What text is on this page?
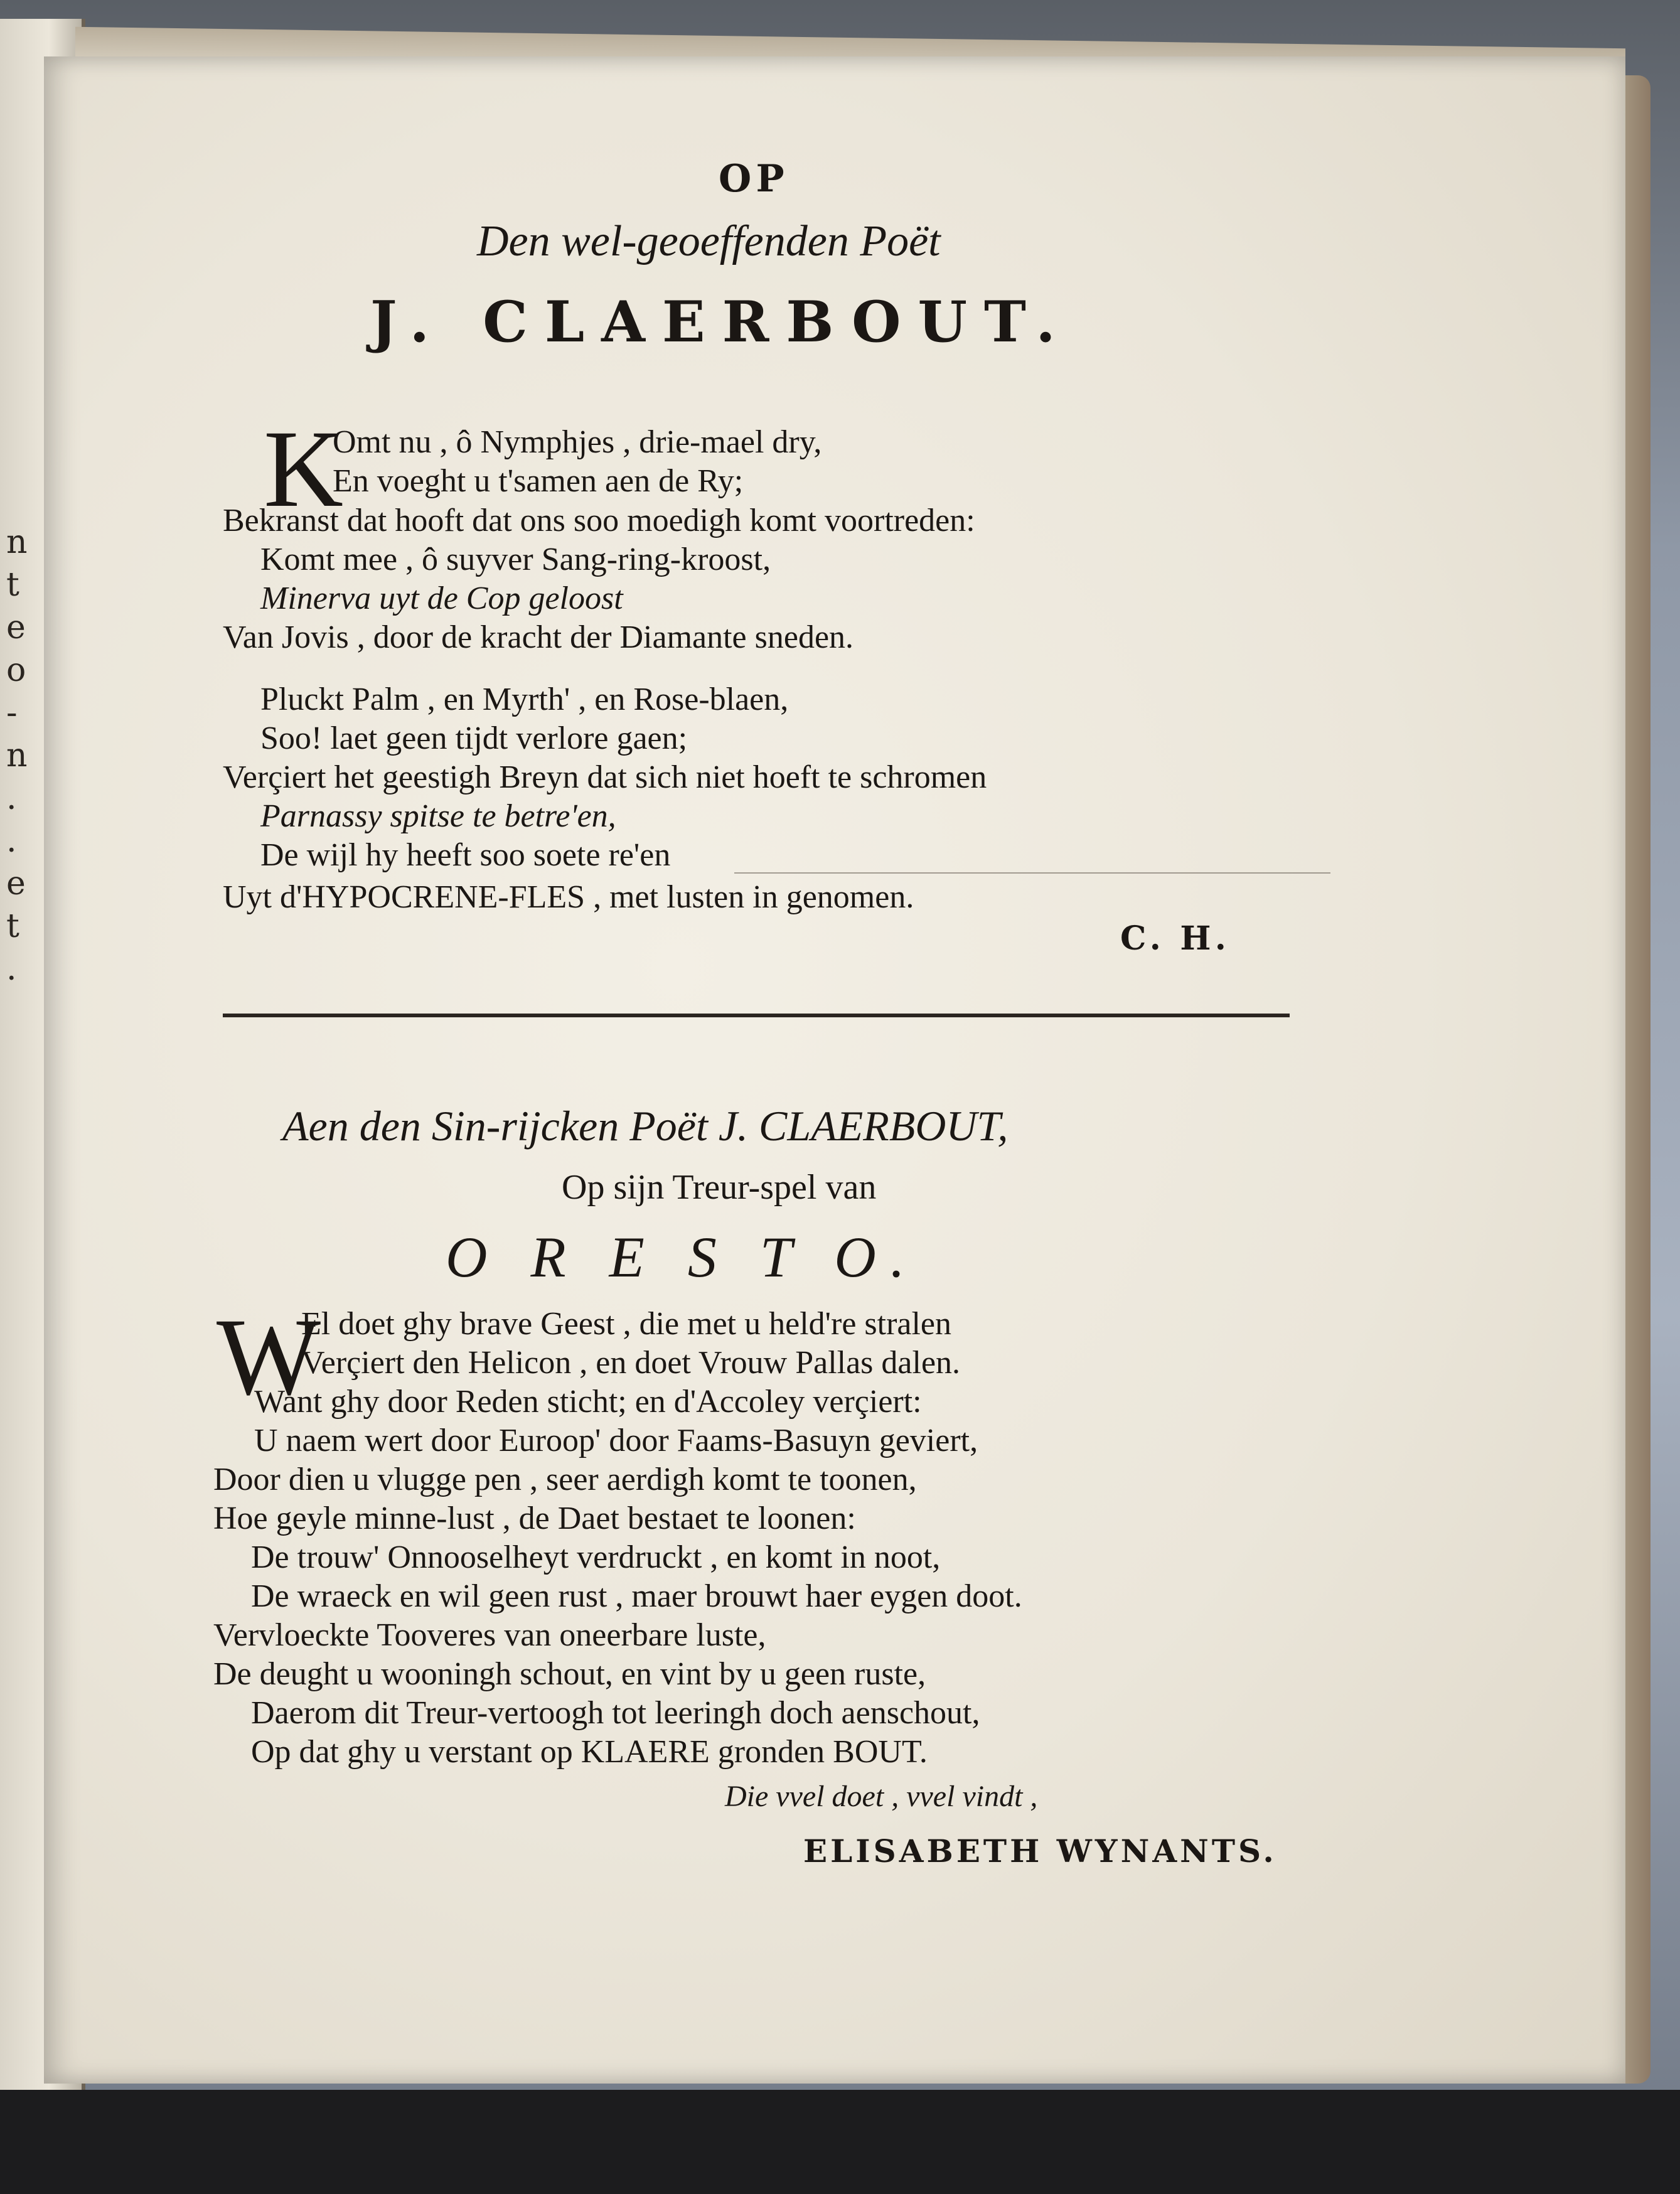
n
t
e
o
-
n
.
.
e
t
.
OP
Den wel-geoeffenden Poët
J. CLAERBOUT.
K
Omt nu , ô Nymphjes , drie-mael dry,
En voeght u t'samen aen de Ry;
Bekranst dat hooft dat ons soo moedigh komt voortreden:
Komt mee , ô suyver Sang-ring-kroost,
Minerva uyt de Cop geloost
Van Jovis , door de kracht der Diamante sneden.
Pluckt Palm , en Myrth' , en Rose-blaen,
Soo! laet geen tijdt verlore gaen;
Verçiert het geestigh Breyn dat sich niet hoeft te schromen
Parnassy spitse te betre'en,
De wijl hy heeft soo soete re'en
Uyt d'HYPOCRENE-FLES , met lusten in genomen.
C. H.
Aen den Sin-rijcken Poët J. CLAERBOUT,
Op sijn Treur-spel van
O R E S T O.
W
El doet ghy brave Geest , die met u held're stralen
Verçiert den Helicon , en doet Vrouw Pallas dalen.
Want ghy door Reden sticht; en d'Accoley verçiert:
U naem wert door Euroop' door Faams-Basuyn geviert,
Door dien u vlugge pen , seer aerdigh komt te toonen,
Hoe geyle minne-lust , de Daet bestaet te loonen:
De trouw' Onnooselheyt verdruckt , en komt in noot,
De wraeck en wil geen rust , maer brouwt haer eygen doot.
Vervloeckte Tooveres van oneerbare luste,
De deught u wooningh schout, en vint by u geen ruste,
Daerom dit Treur-vertoogh tot leeringh doch aenschout,
Op dat ghy u verstant op KLAERE gronden BOUT.
Die vvel doet , vvel vindt ,
ELISABETH WYNANTS.
